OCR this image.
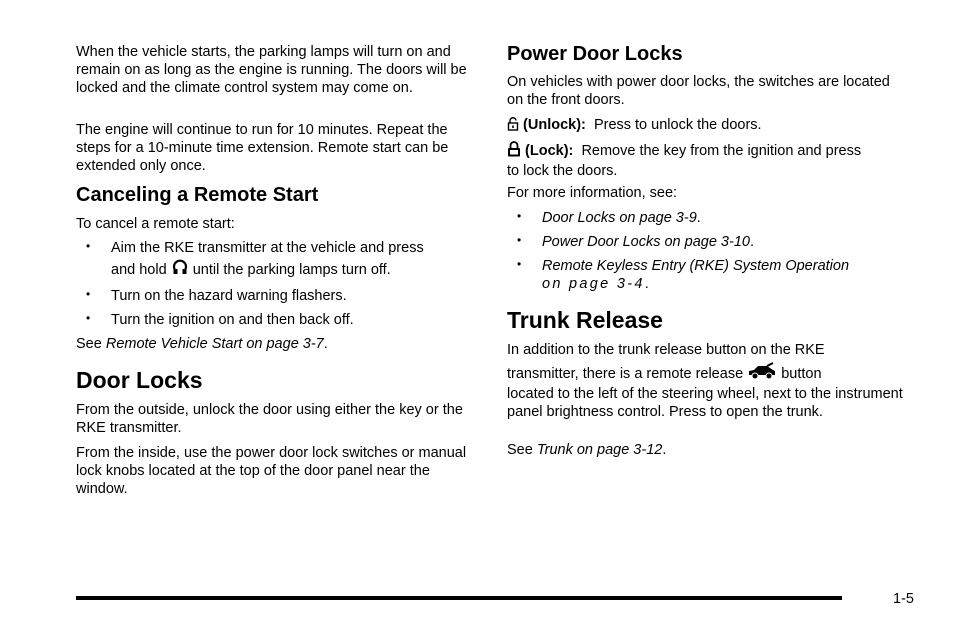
When the vehicle starts, the parking lamps will turn on and remain on as long as the engine is running. The doors will be locked and the climate control system may come on.

The engine will continue to run for 10 minutes. Repeat the steps for a 10-minute time extension. Remote start can be extended only once.

Canceling a Remote Start

To cancel a remote start:

• Aim the RKE transmitter at the vehicle and press
and hold until the parking lamps turn off.
• Turn on the hazard warning flashers.
• Turn the ignition on and then back off.

See Remote Vehicle Start on page 3-7.

Door Locks

From the outside, unlock the door using either the key or the RKE transmitter.

From the inside, use the power door lock switches or manual lock knobs located at the top of the door panel near the window.

Power Door Locks

On vehicles with power door locks, the switches are located on the front doors.

(Unlock): Press to unlock the doors.

(Lock): Remove the key from the ignition and press
to lock the doors.

For more information, see:

• Door Locks on page 3-9.
• Power Door Locks on page 3-10.
• Remote Keyless Entry (RKE) System Operation
on page 3-4.
Trunk Release

In addition to the trunk release button on the RKE
transmitter, there is a remote release	button
located to the left of the steering wheel, next to the instrument panel brightness control. Press to open the trunk.

See Trunk on page 3-12.

1-5
